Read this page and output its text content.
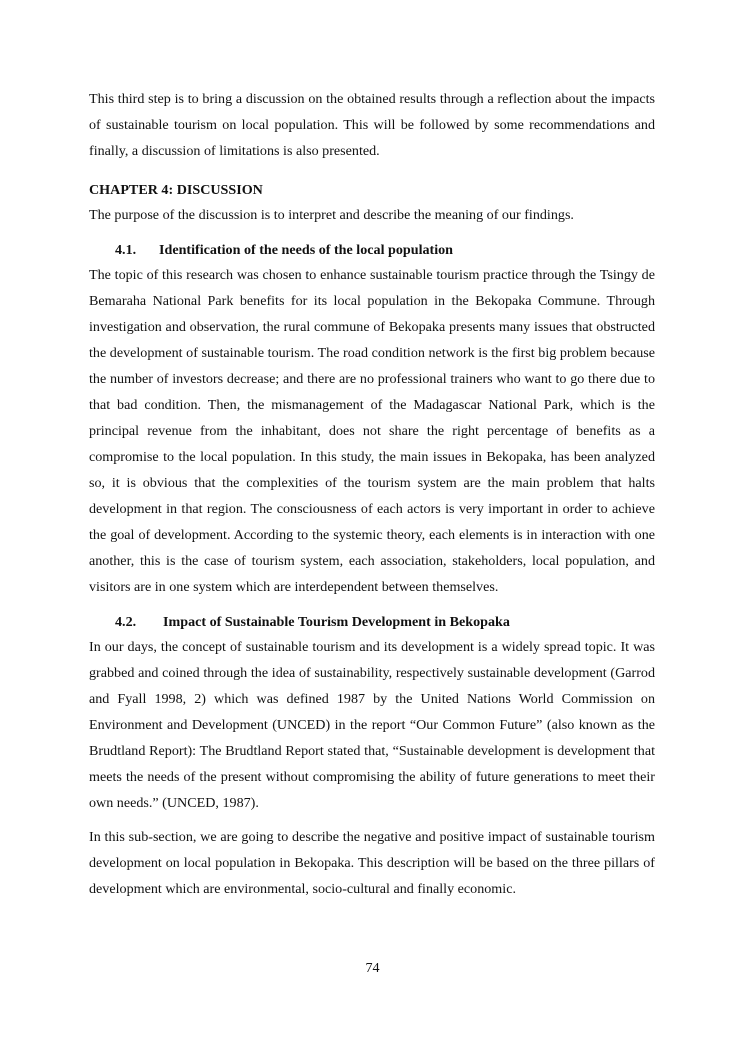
This third step is to bring a discussion on the obtained results through a reflection about the impacts of sustainable tourism on local population. This will be followed by some recommendations and finally, a discussion of limitations is also presented.

CHAPTER 4: DISCUSSION

The purpose of the discussion is to interpret and describe the meaning of our findings.

4.1. Identification of the needs of the local population

The topic of this research was chosen to enhance sustainable tourism practice through the Tsingy de Bemaraha National Park benefits for its local population in the Bekopaka Commune. Through investigation and observation, the rural commune of Bekopaka presents many issues that obstructed the development of sustainable tourism. The road condition network is the first big problem because the number of investors decrease; and there are no professional trainers who want to go there due to that bad condition. Then, the mismanagement of the Madagascar National Park, which is the principal revenue from the inhabitant, does not share the right percentage of benefits as a compromise to the local population. In this study, the main issues in Bekopaka, has been analyzed so, it is obvious that the complexities of the tourism system are the main problem that halts development in that region. The consciousness of each actors is very important in order to achieve the goal of development. According to the systemic theory, each elements is in interaction with one another, this is the case of tourism system, each association, stakeholders, local population, and visitors are in one system which are interdependent between themselves.

4.2. Impact of Sustainable Tourism Development in Bekopaka

In our days, the concept of sustainable tourism and its development is a widely spread topic. It was grabbed and coined through the idea of sustainability, respectively sustainable development (Garrod and Fyall 1998, 2) which was defined 1987 by the United Nations World Commission on Environment and Development (UNCED) in the report “Our Common Future” (also known as the Brudtland Report): The Brudtland Report stated that, “Sustainable development is development that meets the needs of the present without compromising the ability of future generations to meet their own needs.” (UNCED, 1987).

In this sub-section, we are going to describe the negative and positive impact of sustainable tourism development on local population in Bekopaka. This description will be based on the three pillars of development which are environmental, socio-cultural and finally economic.

74
